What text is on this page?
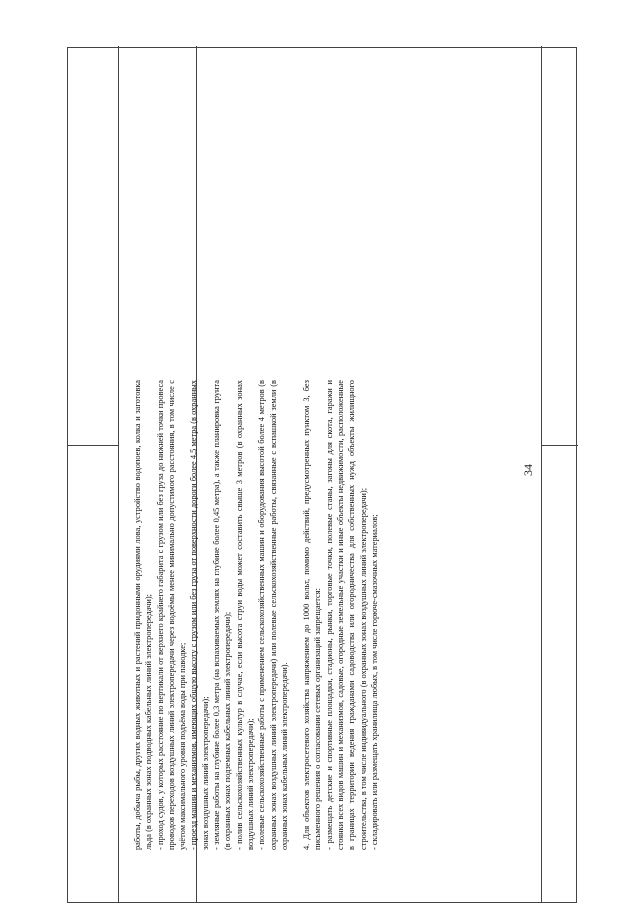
34

работы, добыча рыбы, других водных животных и растений придонными орудиями лова, устройство водопоев, колка и заготовка льда (в охранных зонах подводных кабельных линий электропередачи); - проход судов, у которых расстояние по вертикали от верхнего крайнего габарита с грузом или без груза до нижней точки провеса проводов переходов воздушных линий электропередачи через водоёмы менее минимально допустимого расстояния, в том числе с учётом максимального уровня подъёма воды при паводке; - проезд машин и механизмов, имеющих общую высоту с грузом или без груза от поверхности дороги более 4,5 метра (в охранных зонах воздушных линий электропередачи); - земляные работы на глубине более 0,3 метра (на вспахиваемых землях на глубине более 0,45 метра), а также планировка грунта (в охранных зонах подземных кабельных линий электропередачи); - полив сельскохозяйственных культур в случае, если высота струи воды может составить свыше 3 метров (в охранных зонах воздушных линий электропередачи); - полевые сельскохозяйственные работы с применением сельскохозяйственных машин и оборудования высотой более 4 метров (в охранных зонах воздушных линий электропередачи) или полевые сельскохозяйственные работы, связанные с вспашкой земли (в охранных зонах кабельных линий электропередачи). 4. Для объектов электросетевого хозяйства напряжением до 1000 вольт, помимо действий, предусмотренных пунктом 3, без письменного решения о согласовании сетевых организаций запрещается: - размещать детские и спортивные площадки, стадионы, рынки, торговые точки, полевые станы, загоны для скота, гаражи и стоянки всех видов машин и механизмов, садовые, огородные земельные участки и иные объекты недвижимости, расположенные в границах территории ведения гражданами садоводства или огородничества для собственных нужд объекты жилищного строительства, в том числе индивидуального (в охранных зонах воздушных линий электропередачи); - складировать или размещать хранилища любых, в том числе горюче-смазочных материалов;
